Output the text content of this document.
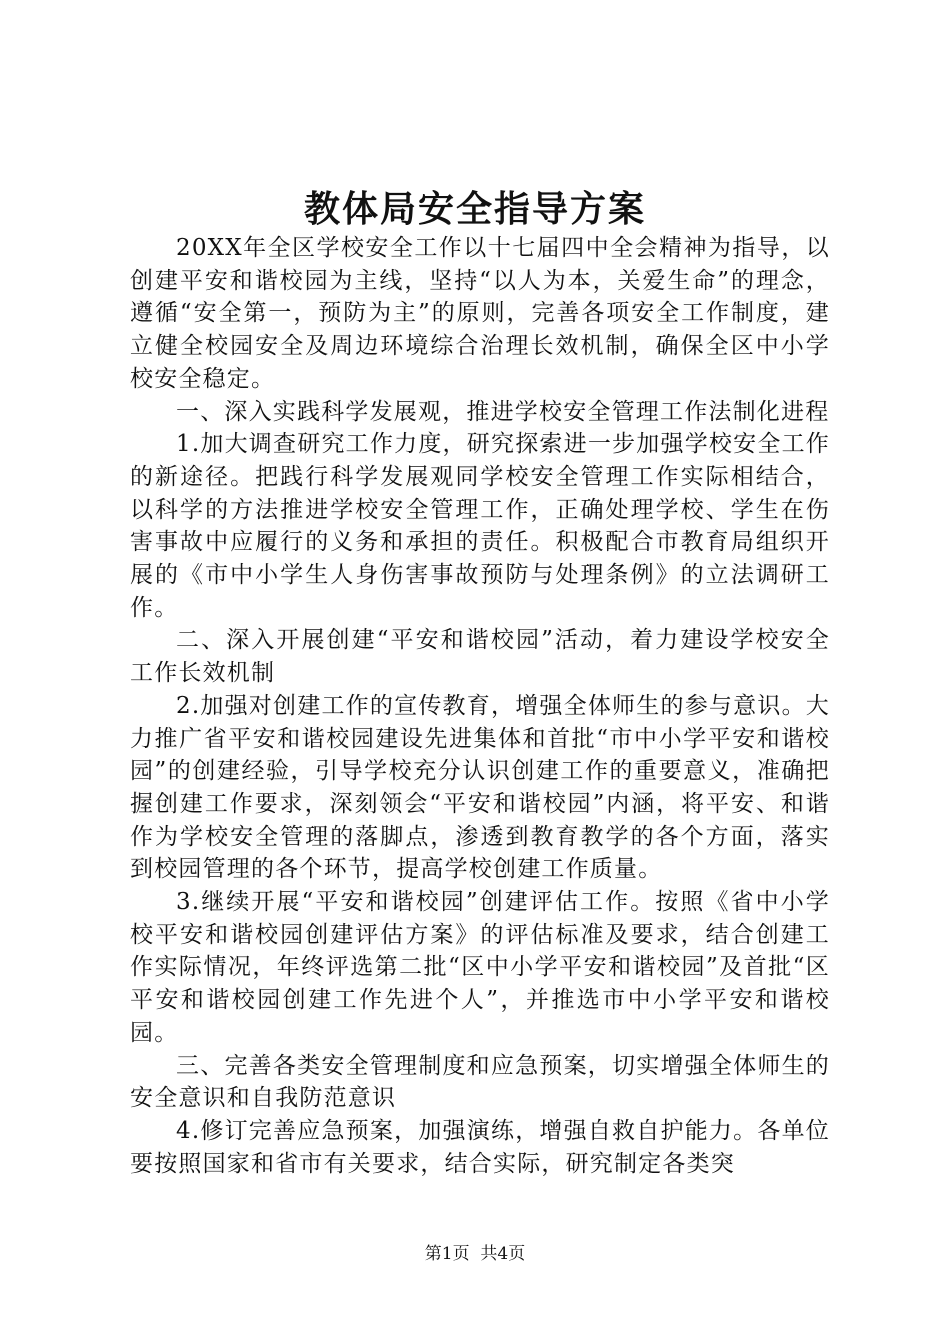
教体局安全指导方案

20XX年全区学校安全工作以十七届四中全会精神为指导，以创建平安和谐校园为主线，坚持“以人为本，关爱生命”的理念，遵循“安全第一，预防为主”的原则，完善各项安全工作制度，建立健全校园安全及周边环境综合治理长效机制，确保全区中小学校安全稳定。

一、深入实践科学发展观，推进学校安全管理工作法制化进程

1.加大调查研究工作力度，研究探索进一步加强学校安全工作的新途径。把践行科学发展观同学校安全管理工作实际相结合，以科学的方法推进学校安全管理工作，正确处理学校、学生在伤害事故中应履行的义务和承担的责任。积极配合市教育局组织开展的《市中小学生人身伤害事故预防与处理条例》的立法调研工作。

二、深入开展创建“平安和谐校园”活动，着力建设学校安全工作长效机制

2.加强对创建工作的宣传教育，增强全体师生的参与意识。大力推广省平安和谐校园建设先进集体和首批“市中小学平安和谐校园”的创建经验，引导学校充分认识创建工作的重要意义，准确把握创建工作要求，深刻领会“平安和谐校园”内涵，将平安、和谐作为学校安全管理的落脚点，渗透到教育教学的各个方面，落实到校园管理的各个环节，提高学校创建工作质量。

3.继续开展“平安和谐校园”创建评估工作。按照《省中小学校平安和谐校园创建评估方案》的评估标准及要求，结合创建工作实际情况，年终评选第二批“区中小学平安和谐校园”及首批“区平安和谐校园创建工作先进个人”，并推选市中小学平安和谐校园。

三、完善各类安全管理制度和应急预案，切实增强全体师生的安全意识和自我防范意识

4.修订完善应急预案，加强演练，增强自救自护能力。各单位要按照国家和省市有关要求，结合实际，研究制定各类突

第1页 共4页
